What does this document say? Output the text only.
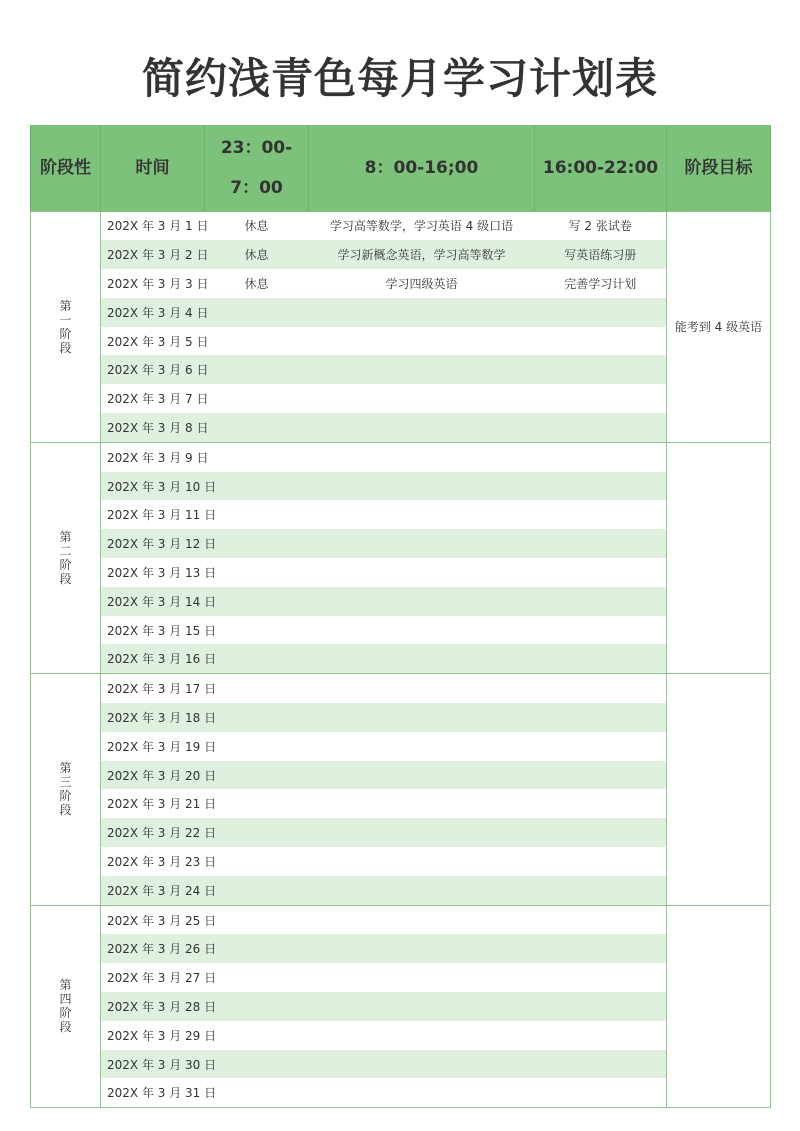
简约浅青色每月学习计划表
阶段性	时间	23：00-7：00	8：00-16;00	16:00-22:00	阶段目标
第一阶段	202X 年 3 月 1 日	休息	学习高等数学，学习英语 4 级口语	写 2 张试卷	能考到 4 级英语
	202X 年 3 月 2 日	休息	学习新概念英语，学习高等数学	写英语练习册	
	202X 年 3 月 3 日	休息	学习四级英语	完善学习计划	
	202X 年 3 月 4 日				
	202X 年 3 月 5 日				
	202X 年 3 月 6 日				
	202X 年 3 月 7 日				
	202X 年 3 月 8 日				
第二阶段	202X 年 3 月 9 日				
	202X 年 3 月 10 日				
	202X 年 3 月 11 日				
	202X 年 3 月 12 日				
	202X 年 3 月 13 日				
	202X 年 3 月 14 日				
	202X 年 3 月 15 日				
	202X 年 3 月 16 日				
第三阶段	202X 年 3 月 17 日				
	202X 年 3 月 18 日				
	202X 年 3 月 19 日				
	202X 年 3 月 20 日				
	202X 年 3 月 21 日				
	202X 年 3 月 22 日				
	202X 年 3 月 23 日				
	202X 年 3 月 24 日				
第四阶段	202X 年 3 月 25 日				
	202X 年 3 月 26 日				
	202X 年 3 月 27 日				
	202X 年 3 月 28 日				
	202X 年 3 月 29 日				
	202X 年 3 月 30 日				
	202X 年 3 月 31 日				
